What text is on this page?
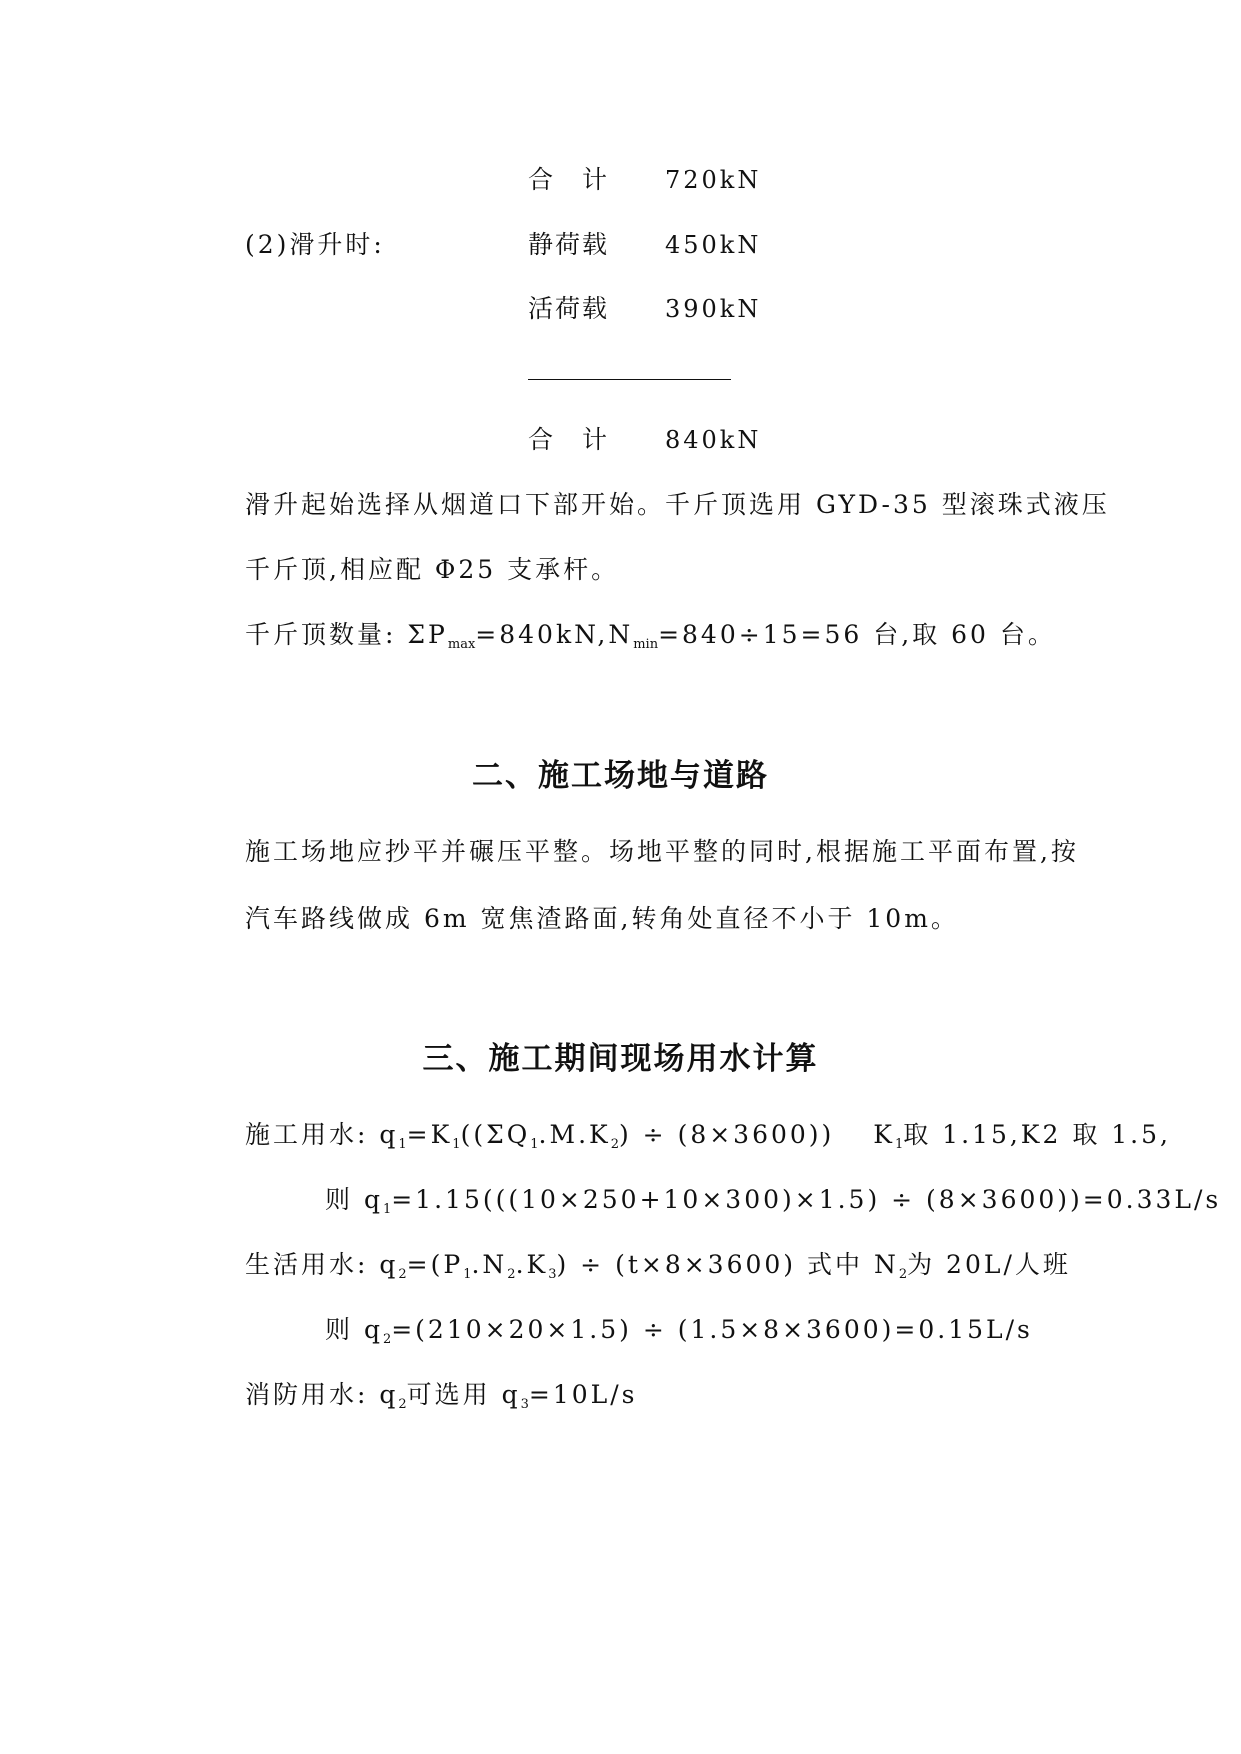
合　计 720kN
(2)滑升时:	静荷载 450kN
活荷载 390kN
合　计 840kN
滑升起始选择从烟道口下部开始。千斤顶选用 GYD-35 型滚珠式液压
千斤顶,相应配 Φ25 支承杆。
千斤顶数量: $\Sigma P_{max}=840kN,N_{min}=840\div 15=56$ 台,取 60 台。
二、施工场地与道路
施工场地应抄平并碾压平整。场地平整的同时,根据施工平面布置,按
汽车路线做成 6m 宽焦渣路面,转角处直径不小于 10m。
三、施工期间现场用水计算
施工用水: $q_1=K_1((\Sigma Q_1.M.K_2) \div (8\times 3600))$　 $K_1$取 1.15,K2 取 1.5,
则 $q_1=1.15(((10\times 250+10\times 300)\times 1.5) \div (8\times 3600))=0.33L/s$
生活用水: $q_2=(P_1.N_2.K_3) \div (t\times 8\times 3600)$ 式中 $N_2$为 20L/人班
则 $q_2=(210\times 20\times 1.5) \div (1.5\times 8\times 3600)=0.15L/s$
消防用水: $q_2$可选用 $q_3=10L/s$
